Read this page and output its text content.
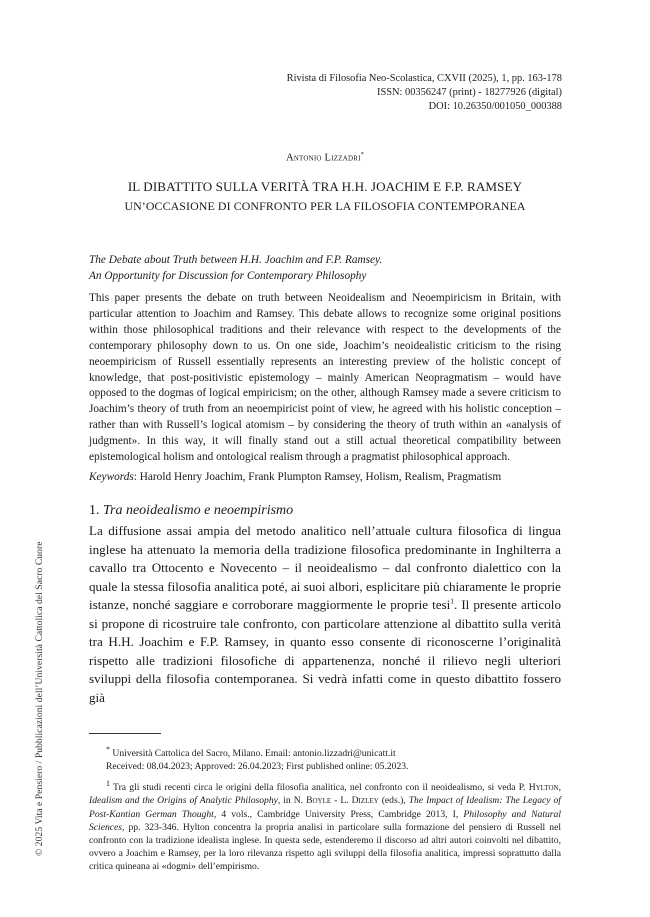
© 2025 Vita e Pensiero / Pubblicazioni dell’Università Cattolica del Sacro Cuore
Rivista di Filosofia Neo-Scolastica, CXVII (2025), 1, pp. 163-178
ISSN: 00356247 (print) - 18277926 (digital)
DOI: 10.26350/001050_000388
Antonio Lizzadri*
IL DIBATTITO SULLA VERITÀ TRA H.H. JOACHIM E F.P. RAMSEY
UN’OCCASIONE DI CONFRONTO PER LA FILOSOFIA CONTEMPORANEA
The Debate about Truth between H.H. Joachim and F.P. Ramsey.
An Opportunity for Discussion for Contemporary Philosophy
This paper presents the debate on truth between Neoidealism and Neoempiricism in Britain, with particular attention to Joachim and Ramsey. This debate allows to recognize some original positions within those philosophical traditions and their relevance with respect to the developments of the contemporary philosophy down to us. On one side, Joachim’s neoidealistic criticism to the rising neoempiricism of Russell essentially represents an interesting preview of the holistic concept of knowledge, that post-positivistic epistemology – mainly American Neopragmatism – would have opposed to the dogmas of logical empiricism; on the other, although Ramsey made a severe criticism to Joachim’s theory of truth from an neoempiricist point of view, he agreed with his holistic conception – rather than with Russell’s logical atomism – by considering the theory of truth within an «analysis of judgment». In this way, it will finally stand out a still actual theoretical compatibility between epistemological holism and ontological realism through a pragmatist philosophical approach.
Keywords: Harold Henry Joachim, Frank Plumpton Ramsey, Holism, Realism, Pragmatism
1. Tra neoidealismo e neoempirismo
La diffusione assai ampia del metodo analitico nell’attuale cultura filosofica di lingua inglese ha attenuato la memoria della tradizione filosofica predominante in Inghilterra a cavallo tra Ottocento e Novecento – il neoidealismo – dal confronto dialettico con la quale la stessa filosofia analitica poté, ai suoi albori, esplicitare più chiaramente le proprie istanze, nonché saggiare e corroborare maggiormente le proprie tesi$^1$. Il presente articolo si propone di ricostruire tale confronto, con particolare attenzione al dibattito sulla verità tra H.H. Joachim e F.P. Ramsey, in quanto esso consente di riconoscerne l’originalità rispetto alle tradizioni filosofiche di appartenenza, nonché il rilievo negli ulteriori sviluppi della filosofia contemporanea. Si vedrà infatti come in questo dibattito fossero già
* Università Cattolica del Sacro, Milano. Email: antonio.lizzadri@unicatt.it
Received: 08.04.2023; Approved: 26.04.2023; First published online: 05.2023.
$^1$ Tra gli studi recenti circa le origini della filosofia analitica, nel confronto con il neoidealismo, si veda P. Hylton, Idealism and the Origins of Analytic Philosophy, in N. Boyle - L. Dizley (eds.), The Impact of Idealism: The Legacy of Post-Kantian German Thought, 4 vols., Cambridge University Press, Cambridge 2013, I, Philosophy and Natural Sciences, pp. 323-346. Hylton concentra la propria analisi in particolare sulla formazione del pensiero di Russell nel confronto con la tradizione idealista inglese. In questa sede, estenderemo il discorso ad altri autori coinvolti nel dibattito, ovvero a Joachim e Ramsey, per la loro rilevanza rispetto agli sviluppi della filosofia analitica, impressi soprattutto dalla critica quineana ai «dogmi» dell’empirismo.
